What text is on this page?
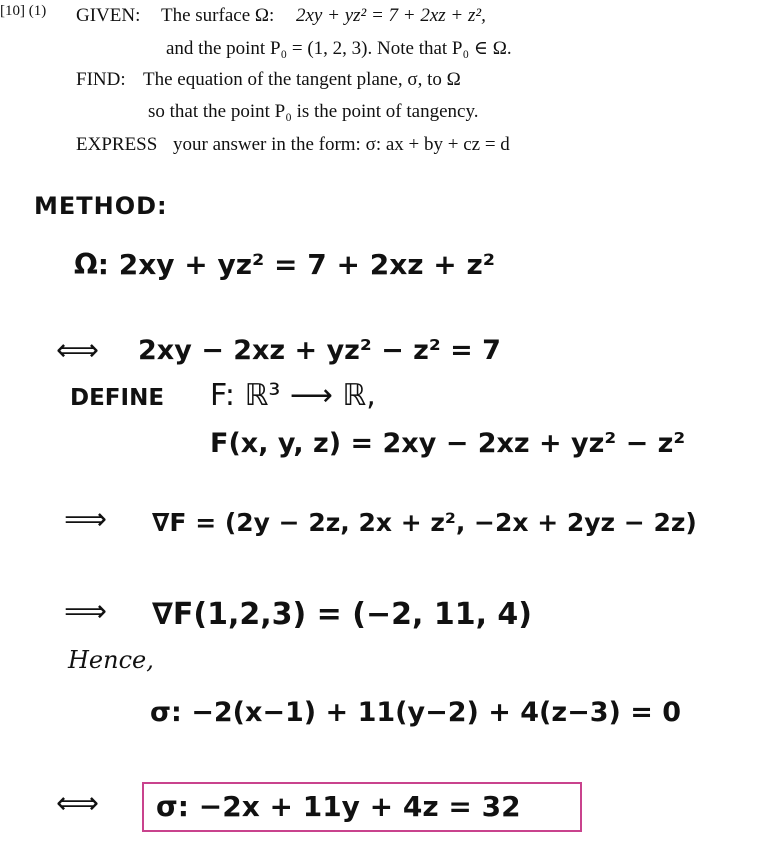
[10] (1) GIVEN: The surface Ω: 2xy + yz² = 7 + 2xz + z²,
and the point P₀ = (1, 2, 3). Note that P₀ ∈ Ω.
FIND: The equation of the tangent plane, σ, to Ω
so that the point P₀ is the point of tangency.
EXPRESS your answer in the form: σ: ax + by + cz = d
METHOD:
Ω: 2xy + yz² = 7 + 2xz + z²
⟺ 2xy − 2xz + yz² − z² = 7
DEFINE F: ℝ³ ⟶ ℝ,
F(x, y, z) = 2xy − 2xz + yz² − z²
⟹ ∇F = (2y − 2z, 2x + z², −2x + 2yz − 2z)
⟹ ∇F(1,2,3) = (−2, 11, 4)
Hence,
σ: −2(x−1) + 11(y−2) + 4(z−3) = 0
⟺ σ: −2x + 11y + 4z = 32
